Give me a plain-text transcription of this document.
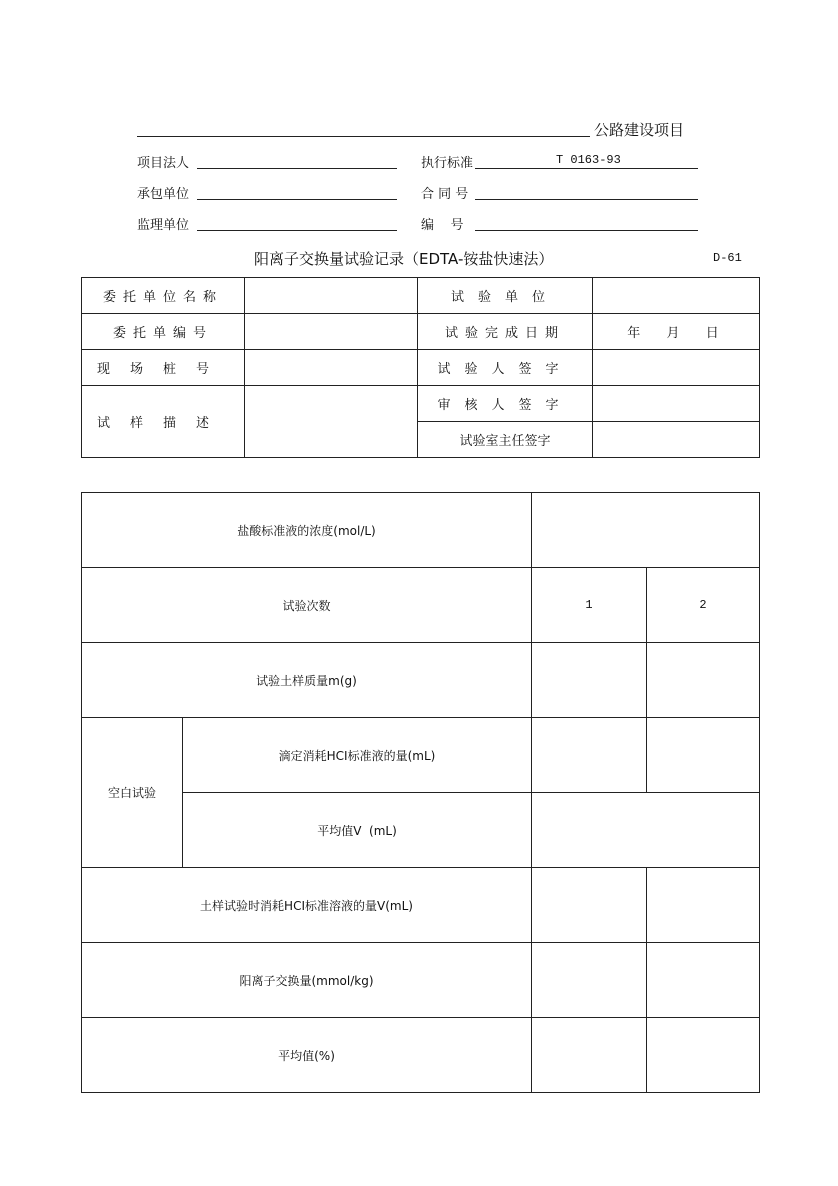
公路建设项目
项目法人	执行标准	T 0163-93
承包单位	合 同 号
监理单位	编    号
阳离子交换量试验记录（EDTA-铵盐快速法）	D-61
委托单位名称		试验单位	
委托单编号		试验完成日期	年  月  日
现场桩号		试验人签字	
试样描述		审核人签字	
		试验室主任签字	
盐酸标准液的浓度(mol/L)			
试验次数		1	2
试验土样质量m(g)			
空白试验	滴定消耗HCI标准液的量(mL)		
	平均值V  (mL)		
土样试验时消耗HCI标准溶液的量V(mL)			
阳离子交换量(mmol/kg)			
平均值(%)			
